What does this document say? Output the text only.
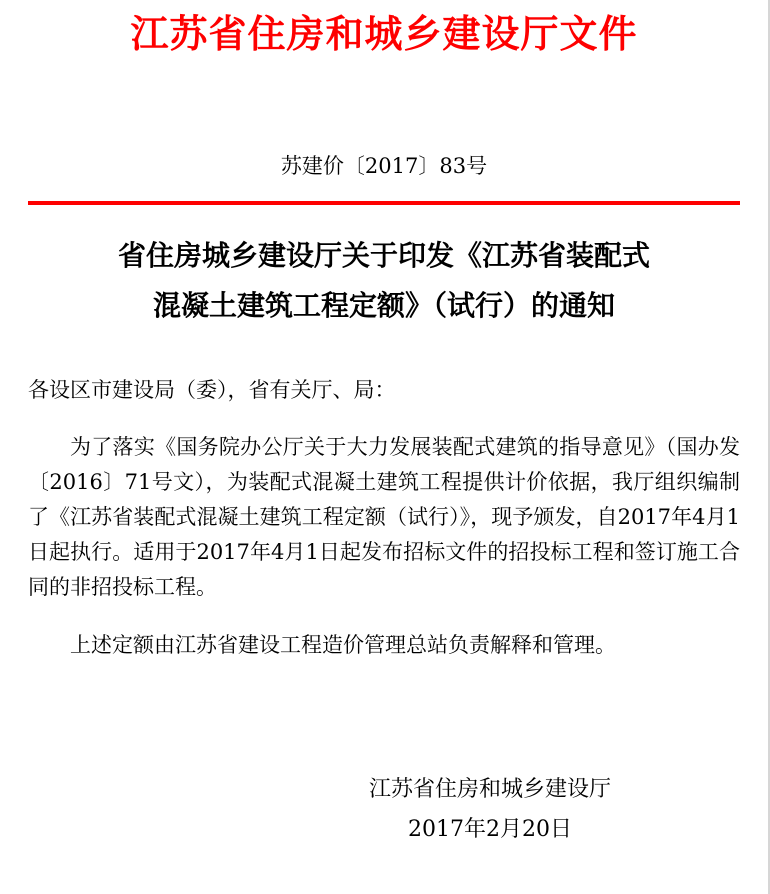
江苏省住房和城乡建设厅文件
苏建价〔2017〕83号
省住房城乡建设厅关于印发《江苏省装配式
混凝土建筑工程定额》（试行）的通知
各设区市建设局（委），省有关厅、局：

为了落实《国务院办公厅关于大力发展装配式建筑的指导意见》（国办发〔2016〕71号文），为装配式混凝土建筑工程提供计价依据，我厅组织编制了《江苏省装配式混凝土建筑工程定额（试行）》，现予颁发，自2017年4月1日起执行。适用于2017年4月1日起发布招标文件的招投标工程和签订施工合同的非招投标工程。

上述定额由江苏省建设工程造价管理总站负责解释和管理。

江苏省住房和城乡建设厅
2017年2月20日
